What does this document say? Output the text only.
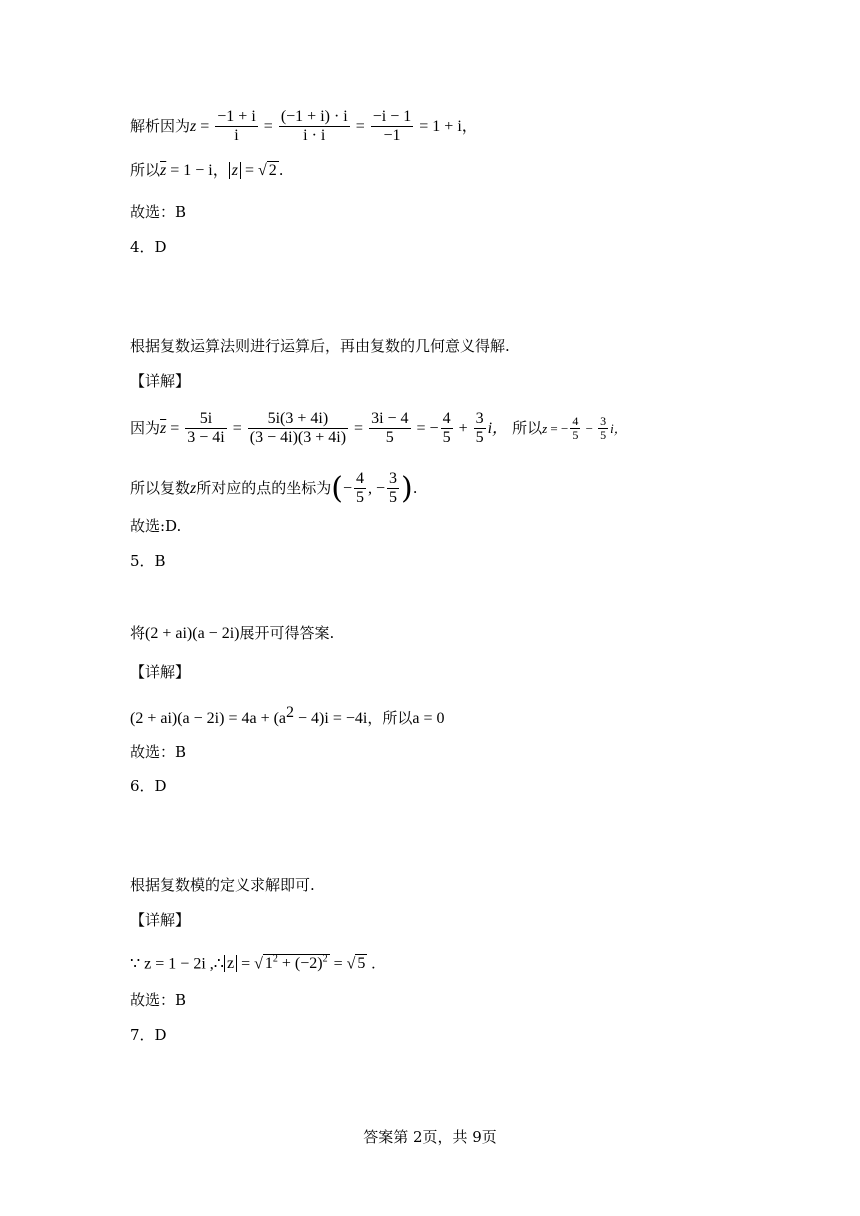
解析因为$z = \frac{-1 + i}{i} = \frac{(-1 + i) \cdot i}{i \cdot i} = \frac{-i - 1}{-1} = 1 + i$，
所以$\overline{z} = 1 - i$， z = √ 2 .
故选：B
4．D
根据复数运算法则进行运算后，再由复数的几何意义得解.
【详解】
因为$\overline{z} = \frac{5i}{3 - 4i} = \frac{5i(3 + 4i)}{(3 - 4i)(3 + 4i)} = \frac{3i - 4}{5}$ = − $\frac{4}{5} + \frac{3}{5}$ i， 所以z = − $\frac{4}{5} - \frac{3}{5}$ i，
所以复数z所对应的点的坐标为(− $\frac{4}{5}$ , − $\frac{3}{5}$ ).
故选:D.
5．B
将(2 + ai)(a − 2i)展开可得答案.
【详解】
$(2 + ai)(a - 2i) = 4a + (a^2 - 4)i = -4i$，所以a = 0
故选：B
6．D
根据复数模的定义求解即可.
【详解】
∵ z = 1 − 2i ,∴ z = √ $1^2 + (-2)^2$ = √ 5 .
故选：B
7．D
答案第 2页，共 9页
